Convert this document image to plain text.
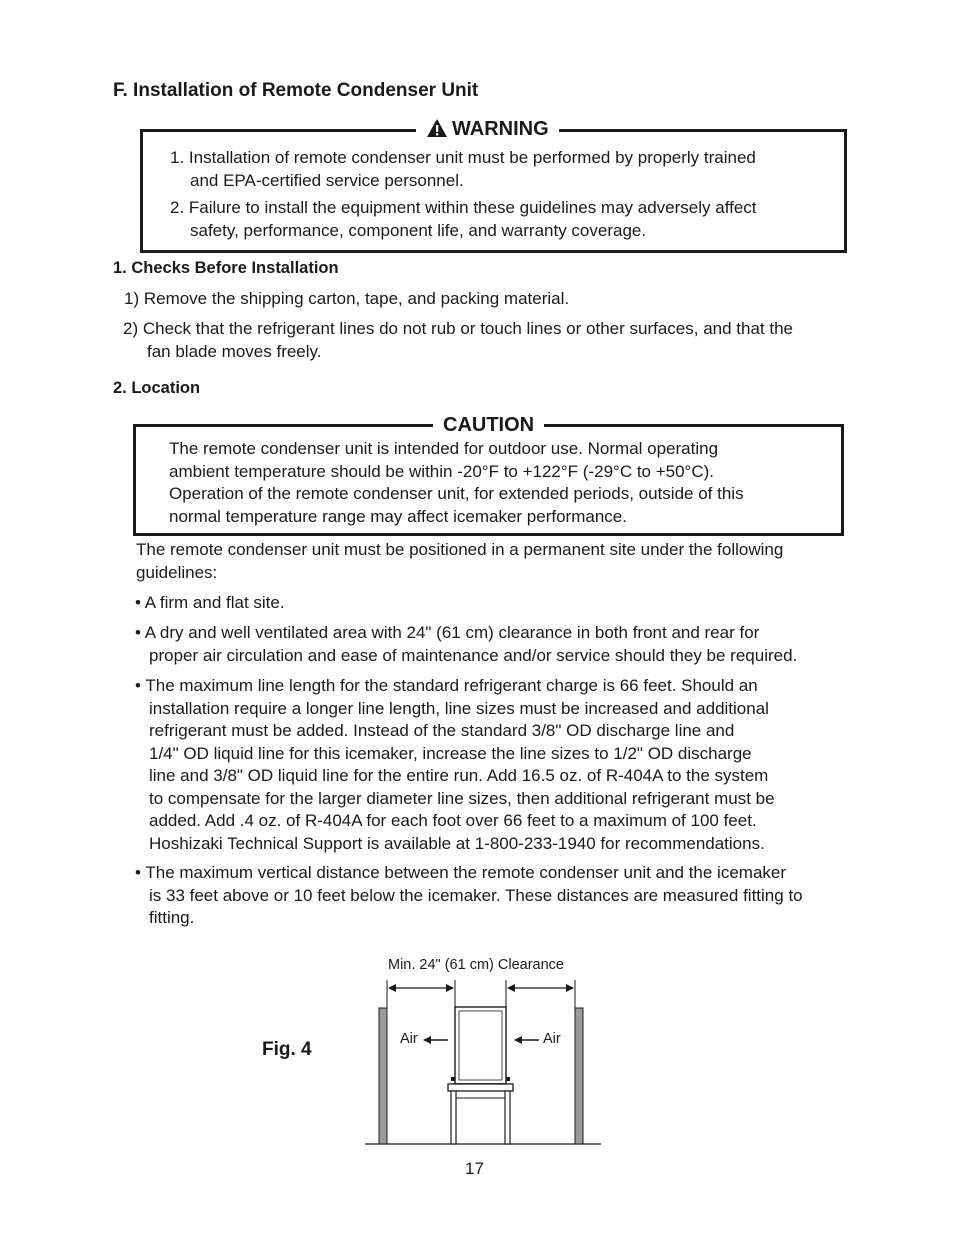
F. Installation of Remote Condenser Unit
WARNING
1. Installation of remote condenser unit must be performed by properly trained
and EPA-certified service personnel.
2. Failure to install the equipment within these guidelines may adversely affect
safety, performance, component life, and warranty coverage.
1. Checks Before Installation
1) Remove the shipping carton, tape, and packing material.
2) Check that the refrigerant lines do not rub or touch lines or other surfaces, and that the
fan blade moves freely.
2. Location
CAUTION
The remote condenser unit is intended for outdoor use. Normal operating
ambient temperature should be within -20°F to +122°F (-29°C to +50°C).
Operation of the remote condenser unit, for extended periods, outside of this
normal temperature range may affect icemaker performance.
The remote condenser unit must be positioned in a permanent site under the following
guidelines:
• A firm and flat site.
• A dry and well ventilated area with 24" (61 cm) clearance in both front and rear for
proper air circulation and ease of maintenance and/or service should they be required.
• The maximum line length for the standard refrigerant charge is 66 feet. Should an
installation require a longer line length, line sizes must be increased and additional
refrigerant must be added. Instead of the standard 3/8" OD discharge line and
1/4" OD liquid line for this icemaker, increase the line sizes to 1/2" OD discharge
line and 3/8" OD liquid line for the entire run. Add 16.5 oz. of R-404A to the system
to compensate for the larger diameter line sizes, then additional refrigerant must be
added. Add .4 oz. of R-404A for each foot over 66 feet to a maximum of 100 feet.
Hoshizaki Technical Support is available at 1-800-233-1940 for recommendations.
• The maximum vertical distance between the remote condenser unit and the icemaker
is 33 feet above or 10 feet below the icemaker. These distances are measured fitting to
fitting.
Fig. 4
Min. 24" (61 cm) Clearance
Air	Air
17
